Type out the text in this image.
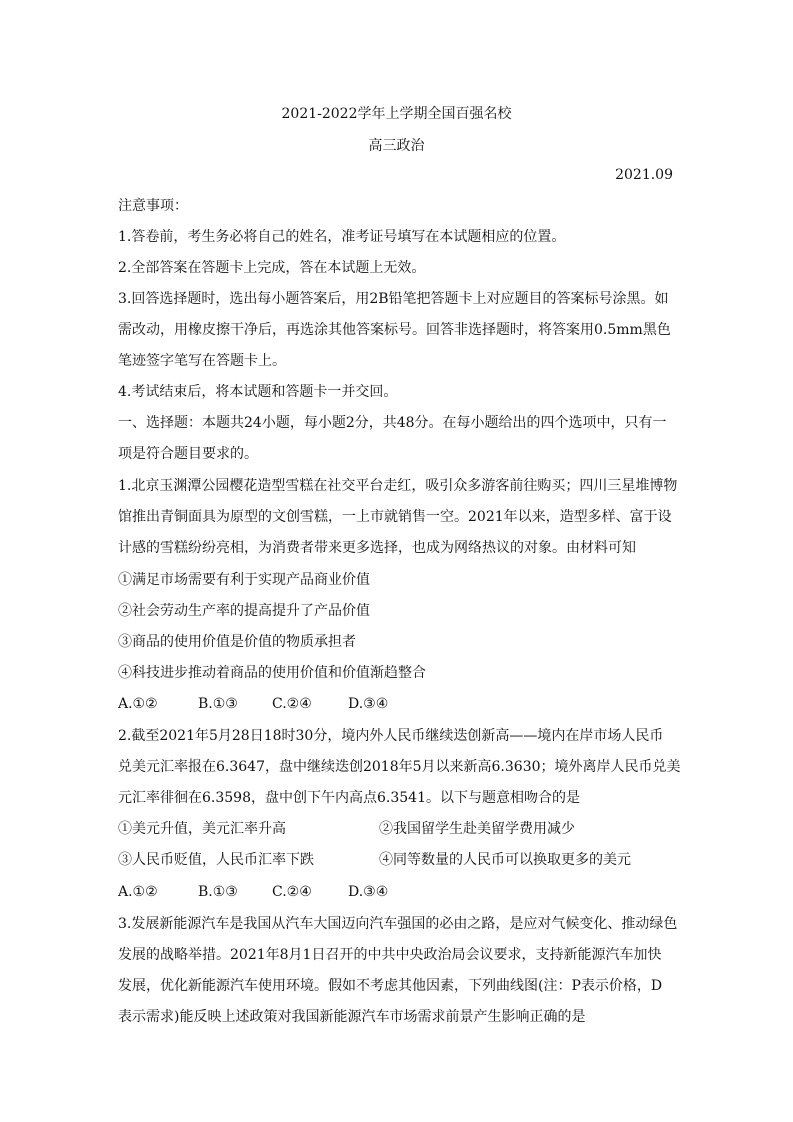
2021-2022学年上学期全国百强名校
高三政治
2021.09
注意事项：
1.答卷前，考生务必将自己的姓名，准考证号填写在本试题相应的位置。
2.全部答案在答题卡上完成，答在本试题上无效。
3.回答选择题时，选出每小题答案后，用2B铅笔把答题卡上对应题目的答案标号涂黑。如
需改动，用橡皮擦干净后，再选涂其他答案标号。回答非选择题时，将答案用0.5mm黑色
笔迹签字笔写在答题卡上。
4.考试结束后，将本试题和答题卡一并交回。
一、选择题：本题共24小题，每小题2分，共48分。在每小题给出的四个选项中，只有一
项是符合题目要求的。
1.北京玉渊潭公园樱花造型雪糕在社交平台走红，吸引众多游客前往购买；四川三星堆博物
馆推出青铜面具为原型的文创雪糕，一上市就销售一空。2021年以来，造型多样、富于设
计感的雪糕纷纷亮相，为消费者带来更多选择，也成为网络热议的对象。由材料可知
①满足市场需要有利于实现产品商业价值
②社会劳动生产率的提高提升了产品价值
③商品的使用价值是价值的物质承担者
④科技进步推动着商品的使用价值和价值渐趋整合
A.①②	B.①③ C.②④	D.③④
2.截至2021年5月28日18时30分，境内外人民币继续迭创新高——境内在岸市场人民币
兑美元汇率报在6.3647，盘中继续迭创2018年5月以来新高6.3630；境外离岸人民币兑美
元汇率徘徊在6.3598，盘中创下午内高点6.3541。以下与题意相吻合的是
①美元升值，美元汇率升高	②我国留学生赴美留学费用减少
③人民币贬值，人民币汇率下跌	④同等数量的人民币可以换取更多的美元
A.①②	B.①③ C.②④	D.③④
3.发展新能源汽车是我国从汽车大国迈向汽车强国的必由之路，是应对气候变化、推动绿色
发展的战略举措。2021年8月1日召开的中共中央政治局会议要求，支持新能源汽车加快
发展，优化新能源汽车使用环境。假如不考虑其他因素，下列曲线图(注：P表示价格，D
表示需求)能反映上述政策对我国新能源汽车市场需求前景产生影响正确的是
